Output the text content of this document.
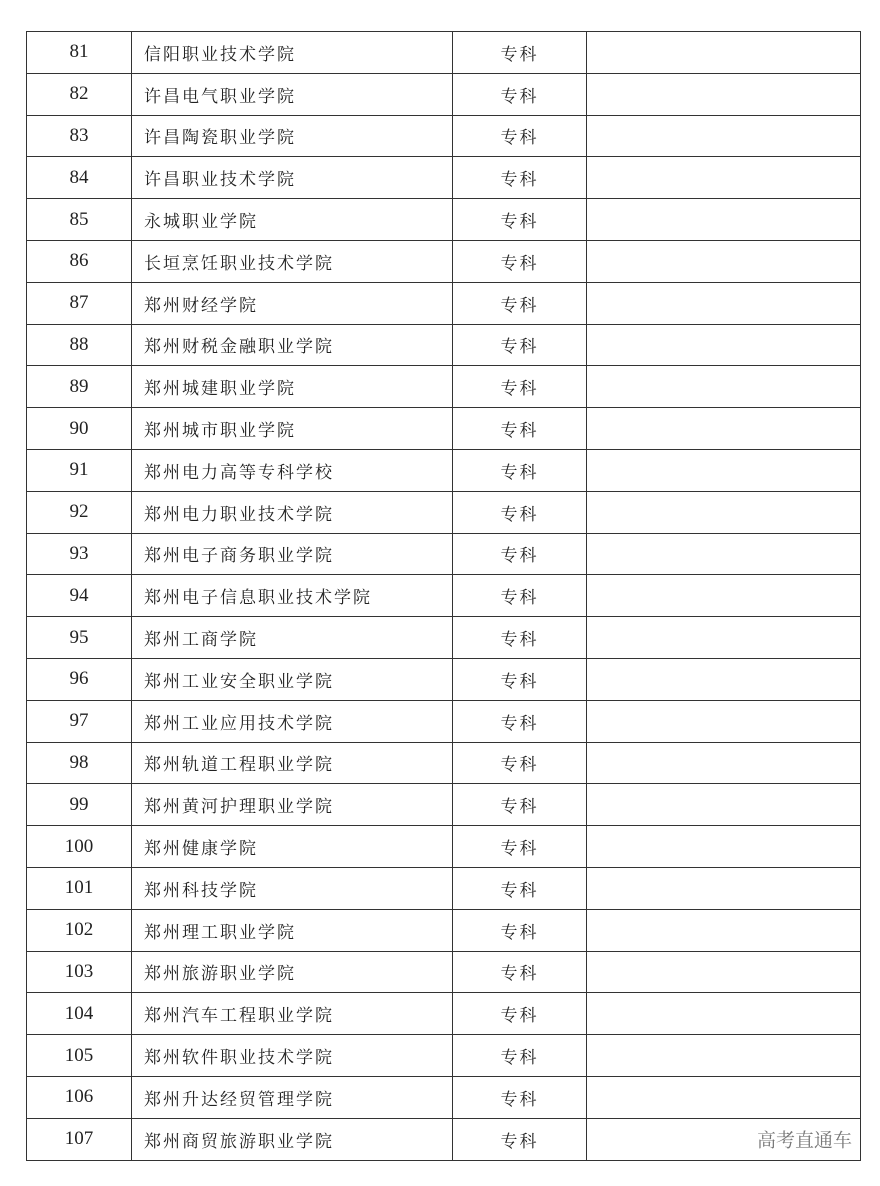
81	信阳职业技术学院	专科	
82	许昌电气职业学院	专科	
83	许昌陶瓷职业学院	专科	
84	许昌职业技术学院	专科	
85	永城职业学院	专科	
86	长垣烹饪职业技术学院	专科	
87	郑州财经学院	专科	
88	郑州财税金融职业学院	专科	
89	郑州城建职业学院	专科	
90	郑州城市职业学院	专科	
91	郑州电力高等专科学校	专科	
92	郑州电力职业技术学院	专科	
93	郑州电子商务职业学院	专科	
94	郑州电子信息职业技术学院	专科	
95	郑州工商学院	专科	
96	郑州工业安全职业学院	专科	
97	郑州工业应用技术学院	专科	
98	郑州轨道工程职业学院	专科	
99	郑州黄河护理职业学院	专科	
100	郑州健康学院	专科	
101	郑州科技学院	专科	
102	郑州理工职业学院	专科	
103	郑州旅游职业学院	专科	
104	郑州汽车工程职业学院	专科	
105	郑州软件职业技术学院	专科	
106	郑州升达经贸管理学院	专科	
107	郑州商贸旅游职业学院	专科	高考直通车
